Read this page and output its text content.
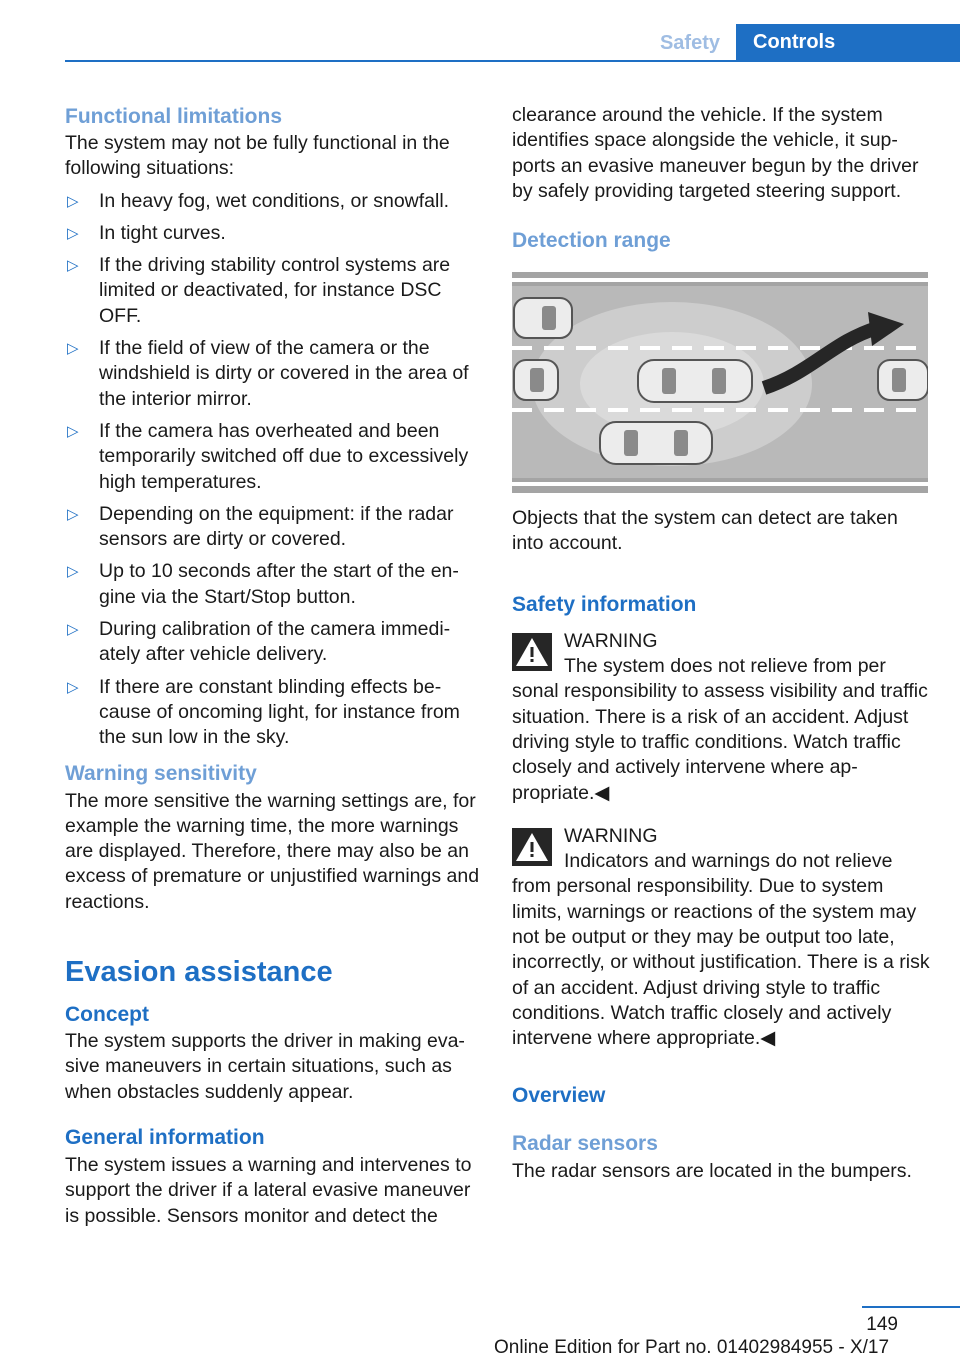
Safety	Controls
Functional limitations

The system may not be fully functional in the following situations:

▷ In heavy fog, wet conditions, or snowfall.
▷ In tight curves.
▷ If the driving stability control systems are limited or deactivated, for instance DSC OFF.
▷ If the field of view of the camera or the windshield is dirty or covered in the area of the interior mirror.
▷ If the camera has overheated and been temporarily switched off due to excessively high temperatures.
▷ Depending on the equipment: if the radar sensors are dirty or covered.
▷ Up to 10 seconds after the start of the engine via the Start/Stop button.
▷ During calibration of the camera immediately after vehicle delivery.
▷ If there are constant blinding effects because of oncoming light, for instance from the sun low in the sky.
Warning sensitivity

The more sensitive the warning settings are, for example the warning time, the more warnings are displayed. Therefore, there may also be an excess of premature or unjustified warnings and reactions.

Evasion assistance
Concept

The system supports the driver in making evasive maneuvers in certain situations, such as when obstacles suddenly appear.

General information

The system issues a warning and intervenes to support the driver if a lateral evasive maneuver is possible. Sensors monitor and detect the

clearance around the vehicle. If the system identifies space alongside the vehicle, it supports an evasive maneuver begun by the driver by safely providing targeted steering support.

Detection range

Objects that the system can detect are taken into account.

Safety information

WARNING

The system does not relieve from per

sonal responsibility to assess visibility and traffic situation. There is a risk of an accident. Adjust driving style to traffic conditions. Watch traffic closely and actively intervene where appropriate.◀

WARNING

Indicators and warnings do not relieve

from personal responsibility. Due to system limits, warnings or reactions of the system may not be output or they may be output too late, incorrectly, or without justification. There is a risk of an accident. Adjust driving style to traffic conditions. Watch traffic closely and actively intervene where appropriate.◀

Overview
Radar sensors

The radar sensors are located in the bumpers.

149
Online Edition for Part no. 01402984955 - X/17
